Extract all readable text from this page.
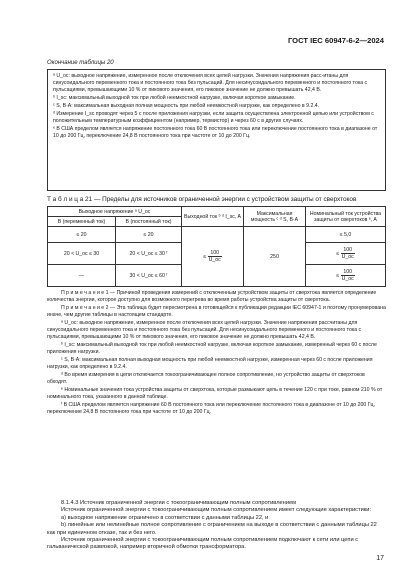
ГОСТ IEC 60947-6-2—2024
Окончание таблицы 20

ᵃ U_oc: выходное напряжение, измеренное после отключения всех цепей нагрузки. Значения напряжения расс-итаны для синусоидального переменного тока и постоянного тока без пульсаций. Для несинусоидального переменного и постоянного тока с пульсациями, превышающими 10 % от пикового значения, его пиковое значение не должно превышать 42,4 В.

ᵇ I_sc: максимальный выходной ток при любой неемкостной нагрузке, включая короткое замыкание.

ᶜ S, В·А: максимальная выходная полная мощность при любой неемкостной нагрузке, как определено в 9.2.4.

ᵈ Измерение I_sc проводят через 5 с после приложения нагрузки, если защита осуществлена электронной цепью или устройством с положительным температурным коэффициентом (например, термистор) и через 60 с в других случаях.

ᵉ В США пределом является напряжение постоянного тока 60 В постоянного тока или переключение постоянного тока в диапазоне от 10 до 200 Гц, переключение 24,8 В постоянного тока при частоте от 10 до 200 Гц.

Т а б л и ц а 21 — Пределы для источников ограниченной энергии с устройством защиты от сверхтоков
Выходное напряжение ᵃ U_oc		Выходной ток ᵇ ᵈ I_sc, A	Максимальная мощность ᶜ ᵈ S, В·А	Номинальный ток устройства защиты от сверхтоков ᵉ, A
В (переменный ток)	В (постоянный ток)			
≤ 20	≤ 20	≤ $\frac{100}{U\_oc}$	250	≤ 5,0
20 < U_oc ≤ 30	20 < U_oc ≤ 30 ᶠ			≤ $\frac{100}{U\_oc}$

—	30 < U_oc ≤ 60 ᶠ			≤ $\frac{100}{U\_oc}$

П р и м е ч а н и е 1 — Причиной проведения измерений с отключенным устройством защиты от сверхтока является определение количества энергии, которое доступно для возможного перегрева во время работы устройства защиты от сверхтока.

П р и м е ч а н и е 2 — Эта таблица будет пересмотрена в готовящейся к публикации редакции IEC 60947-1 и поэтому пронумерована иначе, чем другие таблицы в настоящем стандарте.

ᵃ U_oc: выходное напряжение, измеренное после отключения всех цепей нагрузки. Значение напряжения рассчитаны для синусоидального переменного тока и постоянного тока без пульсаций. Для несинусоидального переменного и постоянного тока с пульсациями, превышающими 10 % от пикового значения, его пиковое значение не должно превышать 42,4 В.

ᵇ I_sc: максимальный выходной ток при любой неемкостной нагрузке, включая короткое замыкание, измеренный через 60 с после приложения нагрузки.

ᶜ S, В·А: максимальная полная выходная мощность при любой неемкостной нагрузке, измеренная через 60 с после приложения нагрузки, как определено в 9.2.4.

ᵈ Во время измерения в цепи отключается токоограничивающее полное сопротивление, но устройство защиты от сверхтоков обходят.

ᵉ Номинальные значения тока устройства защиты от сверхтока, которые размыкают цепь в течение 120 с при токе, равном 210 % от номинального тока, указанного в данной таблице.

ᶠ В США пределом является напряжение 60 В постоянного тока или переключение постоянного тока в диапазоне от 10 до 200 Гц, переключение 24,8 В постоянного тока при частоте от 10 до 200 Гц.

8.1.4.3 Источник ограниченной энергии с токоограничивающим полным сопротивлением

Источник ограниченной энергии с токоограничивающим полным сопротивлением имеет следующие характеристики:

а) выходное напряжение ограничено в соответствии с данными таблицы 22, и

b) линейные или нелинейные полное сопротивление с ограничением на выходе в соответствии с данными таблицы 22 как при единичном отказе, так и без него.

Источник ограниченной энергии с токоограничивающим полным сопротивлением подключают к сети или цепи с гальванической развязкой, например вторичной обмотки трансформатора.

17
